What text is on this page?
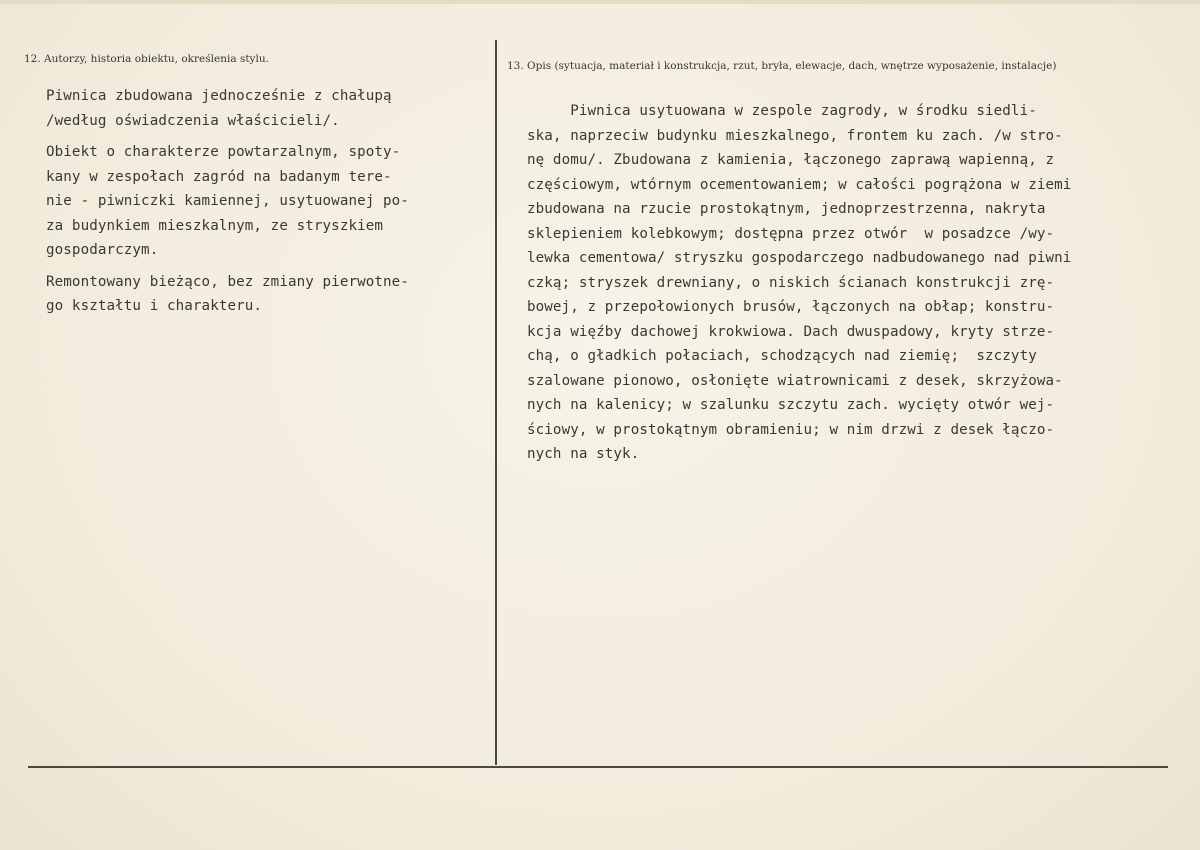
12. Autorzy, historia obiektu, określenia stylu.
13. Opis (sytuacja, materiał i konstrukcja, rzut, bryła, elewacje, dach, wnętrze wyposażenie, instalacje)
Piwnica zbudowana jednocześnie z chałupą
/według oświadczenia właścicieli/.
Obiekt o charakterze powtarzalnym, spoty-
kany w zespołach zagród na badanym tere-
nie - piwniczki kamiennej, usytuowanej po-
za budynkiem mieszkalnym, ze stryszkiem
gospodarczym.
Remontowany bieżąco, bez zmiany pierwotne-
go kształtu i charakteru.
Piwnica usytuowana w zespole zagrody, w środku siedli-
ska, naprzeciw budynku mieszkalnego, frontem ku zach. /w stro-
nę domu/. Zbudowana z kamienia, łączonego zaprawą wapienną, z
częściowym, wtórnym ocementowaniem; w całości pogrążona w ziemi
zbudowana na rzucie prostokątnym, jednoprzestrzenna, nakryta
sklepieniem kolebkowym; dostępna przez otwór  w posadzce /wy-
lewka cementowa/ stryszku gospodarczego nadbudowanego nad piwni
czką; stryszek drewniany, o niskich ścianach konstrukcji zrę-
bowej, z przepołowionych brusów, łączonych na obłap; konstru-
kcja więźby dachowej krokwiowa. Dach dwuspadowy, kryty strze-
chą, o gładkich połaciach, schodzących nad ziemię;  szczyty
szalowane pionowo, osłonięte wiatrownicami z desek, skrzyżowa-
nych na kalenicy; w szalunku szczytu zach. wycięty otwór wej-
ściowy, w prostokątnym obramieniu; w nim drzwi z desek łączo-
nych na styk.
